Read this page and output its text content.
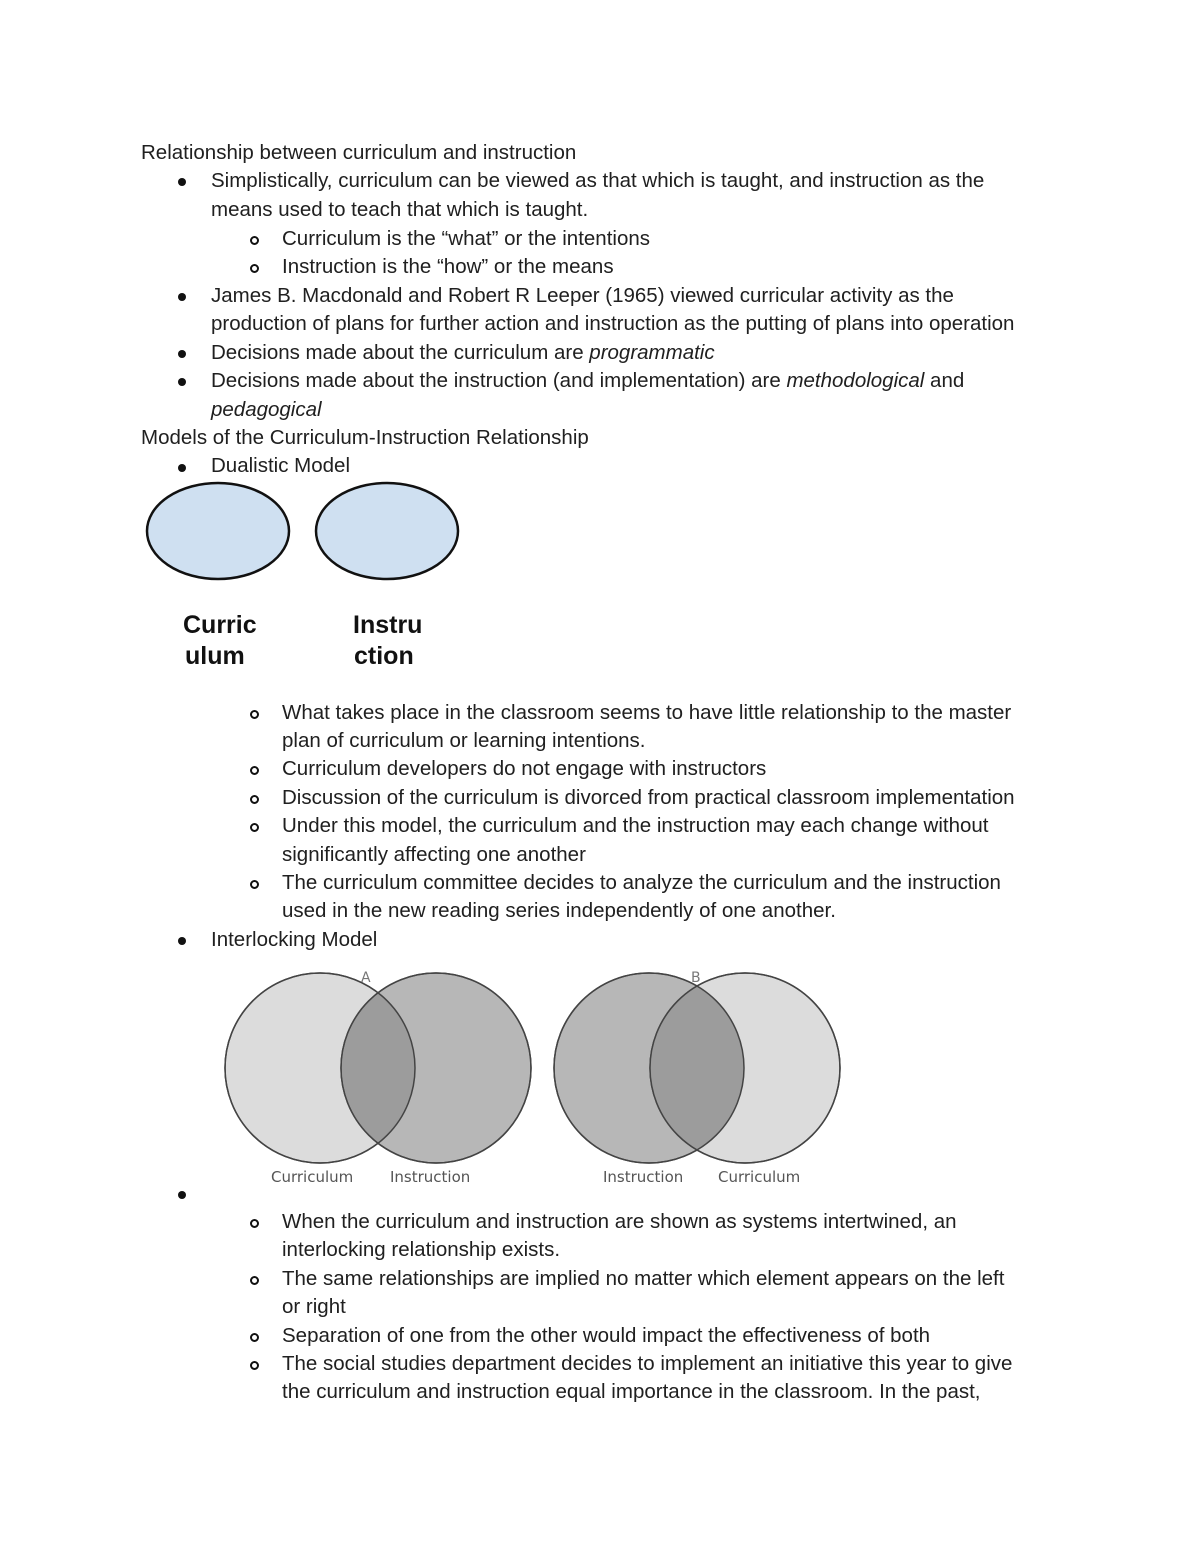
Relationship between curriculum and instruction
Simplistically, curriculum can be viewed as that which is taught, and instruction as the
means used to teach that which is taught.
Curriculum is the “what” or the intentions
Instruction is the “how” or the means
James B. Macdonald and Robert R Leeper (1965) viewed curricular activity as the
production of plans for further action and instruction as the putting of plans into operation
Decisions made about the curriculum are programmatic
Decisions made about the instruction (and implementation) are methodological and
pedagogical
Models of the Curriculum-Instruction Relationship
Dualistic Model
Curric
ulum
Instru
ction
What takes place in the classroom seems to have little relationship to the master
plan of curriculum or learning intentions.
Curriculum developers do not engage with instructors
Discussion of the curriculum is divorced from practical classroom implementation
Under this model, the curriculum and the instruction may each change without
significantly affecting one another
The curriculum committee decides to analyze the curriculum and the instruction
used in the new reading series independently of one another.
Interlocking Model
A
Curriculum Instruction
B
Instruction Curriculum
When the curriculum and instruction are shown as systems intertwined, an
interlocking relationship exists.
The same relationships are implied no matter which element appears on the left
or right
Separation of one from the other would impact the effectiveness of both
The social studies department decides to implement an initiative this year to give
the curriculum and instruction equal importance in the classroom. In the past,
